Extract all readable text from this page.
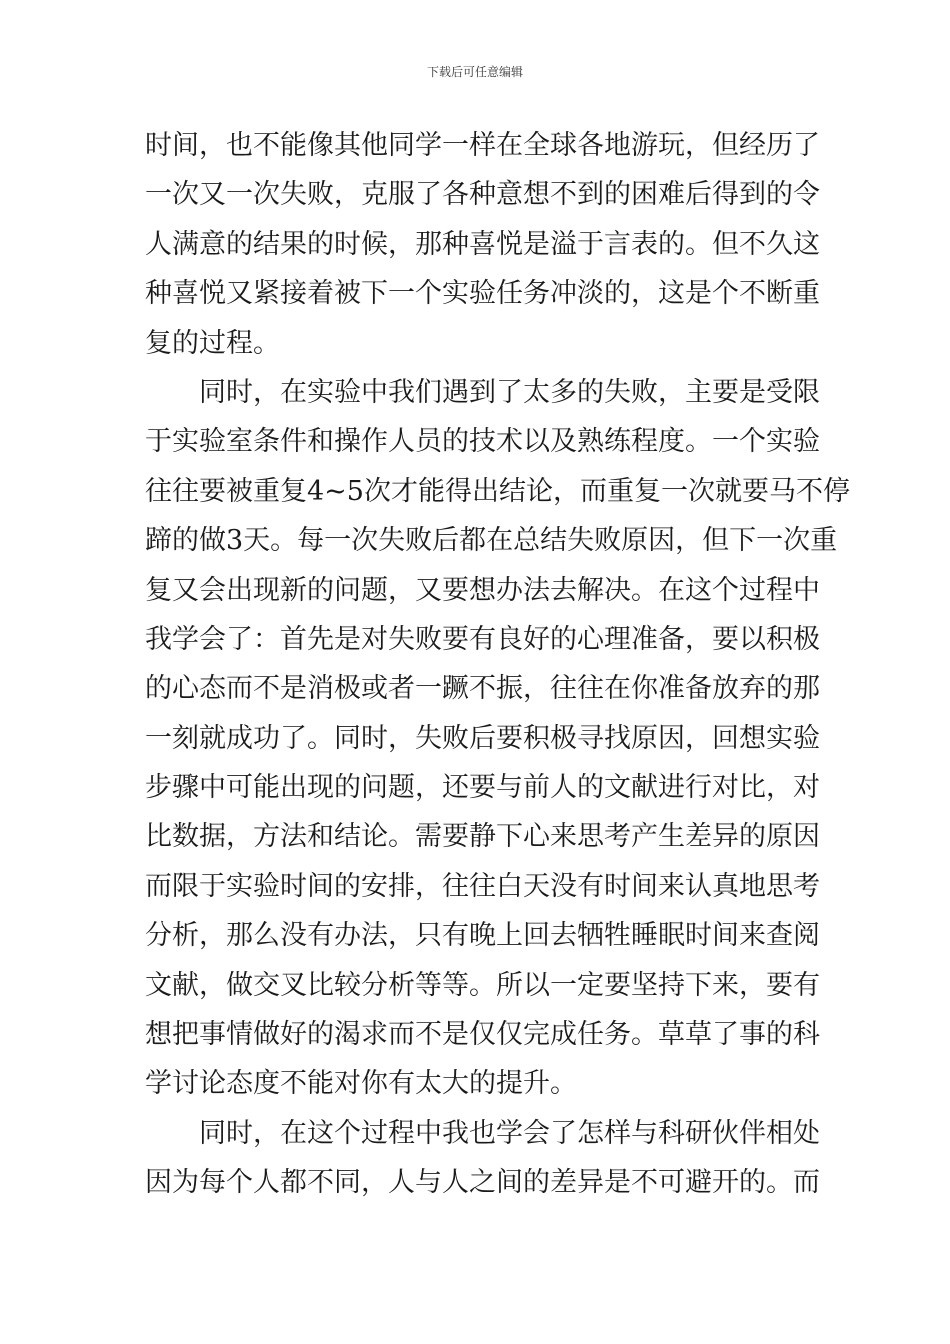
下载后可任意编辑
时间，也不能像其他同学一样在全球各地游玩，但经历了
一次又一次失败，克服了各种意想不到的困难后得到的令
人满意的结果的时候，那种喜悦是溢于言表的。但不久这
种喜悦又紧接着被下一个实验任务冲淡的，这是个不断重
复的过程。
同时，在实验中我们遇到了太多的失败，主要是受限
于实验室条件和操作人员的技术以及熟练程度。一个实验
往往要被重复4~5次才能得出结论，而重复一次就要马不停
蹄的做3天。每一次失败后都在总结失败原因，但下一次重
复又会出现新的问题，又要想办法去解决。在这个过程中
我学会了：首先是对失败要有良好的心理准备，要以积极
的心态而不是消极或者一蹶不振，往往在你准备放弃的那
一刻就成功了。同时，失败后要积极寻找原因，回想实验
步骤中可能出现的问题，还要与前人的文献进行对比，对
比数据，方法和结论。需要静下心来思考产生差异的原因
而限于实验时间的安排，往往白天没有时间来认真地思考
分析，那么没有办法，只有晚上回去牺牲睡眠时间来查阅
文献，做交叉比较分析等等。所以一定要坚持下来，要有
想把事情做好的渴求而不是仅仅完成任务。草草了事的科
学讨论态度不能对你有太大的提升。
同时，在这个过程中我也学会了怎样与科研伙伴相处
因为每个人都不同，人与人之间的差异是不可避开的。而
